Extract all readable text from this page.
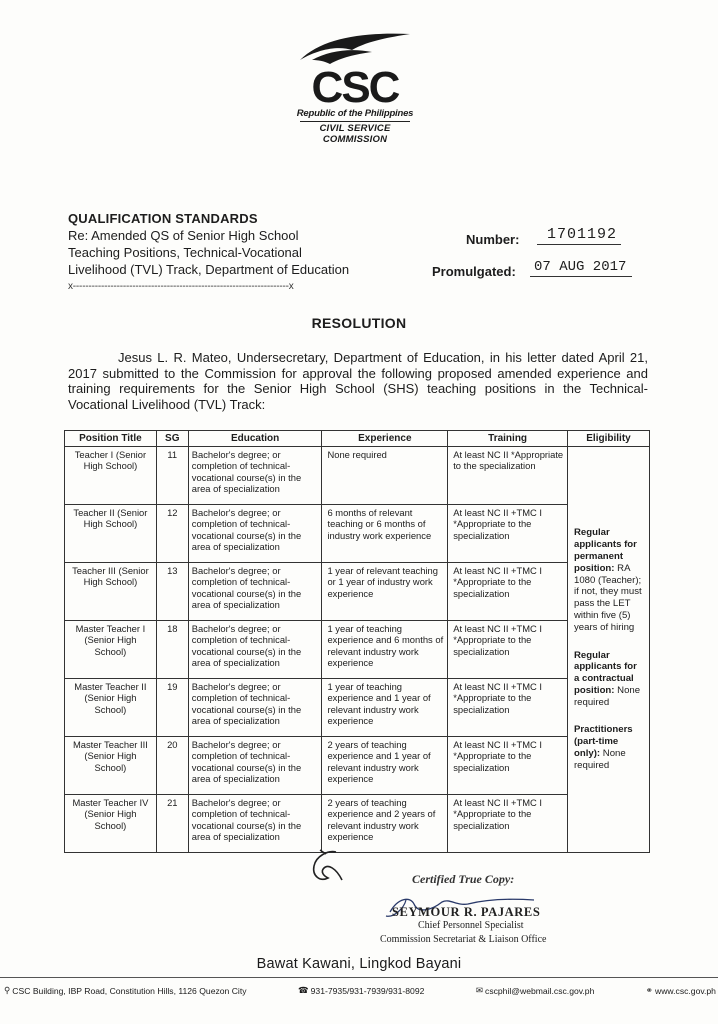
CSC
Republic of the Philippines
CIVIL SERVICE COMMISSION
QUALIFICATION STANDARDS
Re: Amended QS of Senior High School
Teaching Positions, Technical-Vocational
Livelihood (TVL) Track, Department of Education
x---------------------------------------------------------------------x
Number:	1701192
Promulgated: 07 AUG 2017
RESOLUTION
Jesus L. R. Mateo, Undersecretary, Department of Education, in his letter dated April 21, 2017 submitted to the Commission for approval the following proposed amended experience and training requirements for the Senior High School (SHS) teaching positions in the Technical-Vocational Livelihood (TVL) Track:
Position Title	SG	Education	Experience	Training	Eligibility
Teacher I (Senior High School)	11	Bachelor's degree; or completion of technical-vocational course(s) in the area of specialization	None required	At least NC II *Appropriate to the specialization	Regular applicants for permanent position: RA 1080 (Teacher); if not, they must pass the LET within five (5) years of hiring
Regular applicants for a contractual position: None required
Practitioners (part-time only): None required

Teacher II (Senior High School)	12	Bachelor's degree; or completion of technical-vocational course(s) in the area of specialization	6 months of relevant teaching or 6 months of industry work experience	At least NC II +TMC I *Appropriate to the specialization	
Teacher III (Senior High School)	13	Bachelor's degree; or completion of technical-vocational course(s) in the area of specialization	1 year of relevant teaching or 1 year of industry work experience	At least NC II +TMC I *Appropriate to the specialization	
Master Teacher I (Senior High School)	18	Bachelor's degree; or completion of technical-vocational course(s) in the area of specialization	1 year of teaching experience and 6 months of relevant industry work experience	At least NC II +TMC I *Appropriate to the specialization	
Master Teacher II (Senior High School)	19	Bachelor's degree; or completion of technical-vocational course(s) in the area of specialization	1 year of teaching experience and 1 year of relevant industry work experience	At least NC II +TMC I *Appropriate to the specialization	
Master Teacher III (Senior High School)	20	Bachelor's degree; or completion of technical-vocational course(s) in the area of specialization	2 years of teaching experience and 1 year of relevant industry work experience	At least NC II +TMC I *Appropriate to the specialization	
Master Teacher IV (Senior High School)	21	Bachelor's degree; or completion of technical-vocational course(s) in the area of specialization	2 years of teaching experience and 2 years of relevant industry work experience	At least NC II +TMC I *Appropriate to the specialization	
Certified True Copy:
SEYMOUR R. PAJARES
Chief Personnel Specialist
Commission Secretariat & Liaison Office
Bawat Kawani, Lingkod Bayani
⚲ CSC Building, IBP Road, Constitution Hills, 1126 Quezon City	☎ 931-7935/931-7939/931-8092	✉ cscphil@webmail.csc.gov.ph	⚭ www.csc.gov.ph
